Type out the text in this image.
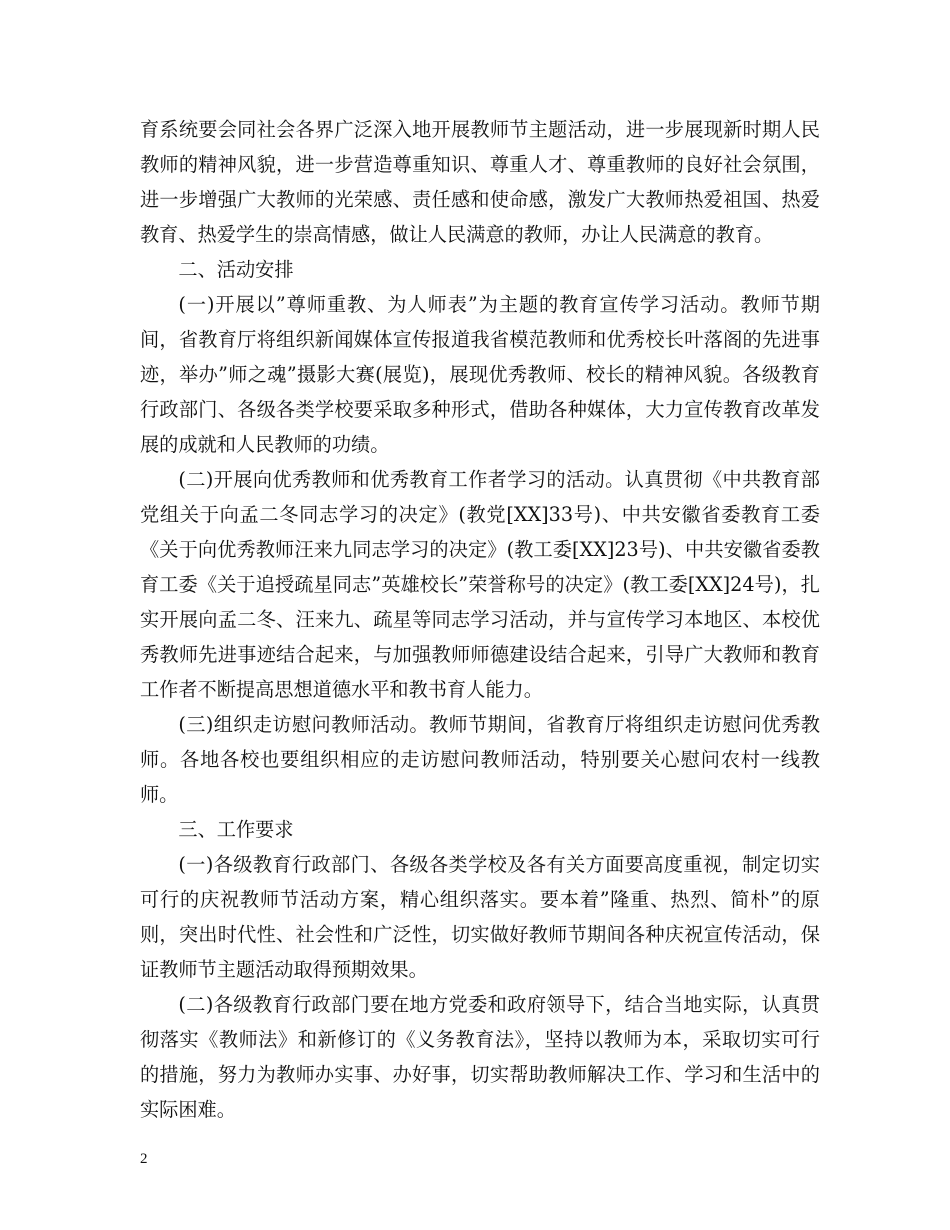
育系统要会同社会各界广泛深入地开展教师节主题活动，进一步展现新时期人民教师的精神风貌，进一步营造尊重知识、尊重人才、尊重教师的良好社会氛围，进一步增强广大教师的光荣感、责任感和使命感，激发广大教师热爱祖国、热爱教育、热爱学生的崇高情感，做让人民满意的教师，办让人民满意的教育。

二、活动安排

(一)开展以”尊师重教、为人师表”为主题的教育宣传学习活动。教师节期间，省教育厅将组织新闻媒体宣传报道我省模范教师和优秀校长叶落阁的先进事迹，举办”师之魂”摄影大赛(展览)，展现优秀教师、校长的精神风貌。各级教育行政部门、各级各类学校要采取多种形式，借助各种媒体，大力宣传教育改革发展的成就和人民教师的功绩。

(二)开展向优秀教师和优秀教育工作者学习的活动。认真贯彻《中共教育部党组关于向孟二冬同志学习的决定》(教党[XX]33号)、中共安徽省委教育工委《关于向优秀教师汪来九同志学习的决定》(教工委[XX]23号)、中共安徽省委教育工委《关于追授疏星同志”英雄校长”荣誉称号的决定》(教工委[XX]24号)，扎实开展向孟二冬、汪来九、疏星等同志学习活动，并与宣传学习本地区、本校优秀教师先进事迹结合起来，与加强教师师德建设结合起来，引导广大教师和教育工作者不断提高思想道德水平和教书育人能力。

(三)组织走访慰问教师活动。教师节期间，省教育厅将组织走访慰问优秀教师。各地各校也要组织相应的走访慰问教师活动，特别要关心慰问农村一线教师。

三、工作要求

(一)各级教育行政部门、各级各类学校及各有关方面要高度重视，制定切实可行的庆祝教师节活动方案，精心组织落实。要本着”隆重、热烈、简朴”的原则，突出时代性、社会性和广泛性，切实做好教师节期间各种庆祝宣传活动，保证教师节主题活动取得预期效果。

(二)各级教育行政部门要在地方党委和政府领导下，结合当地实际，认真贯彻落实《教师法》和新修订的《义务教育法》，坚持以教师为本，采取切实可行的措施，努力为教师办实事、办好事，切实帮助教师解决工作、学习和生活中的实际困难。

2
